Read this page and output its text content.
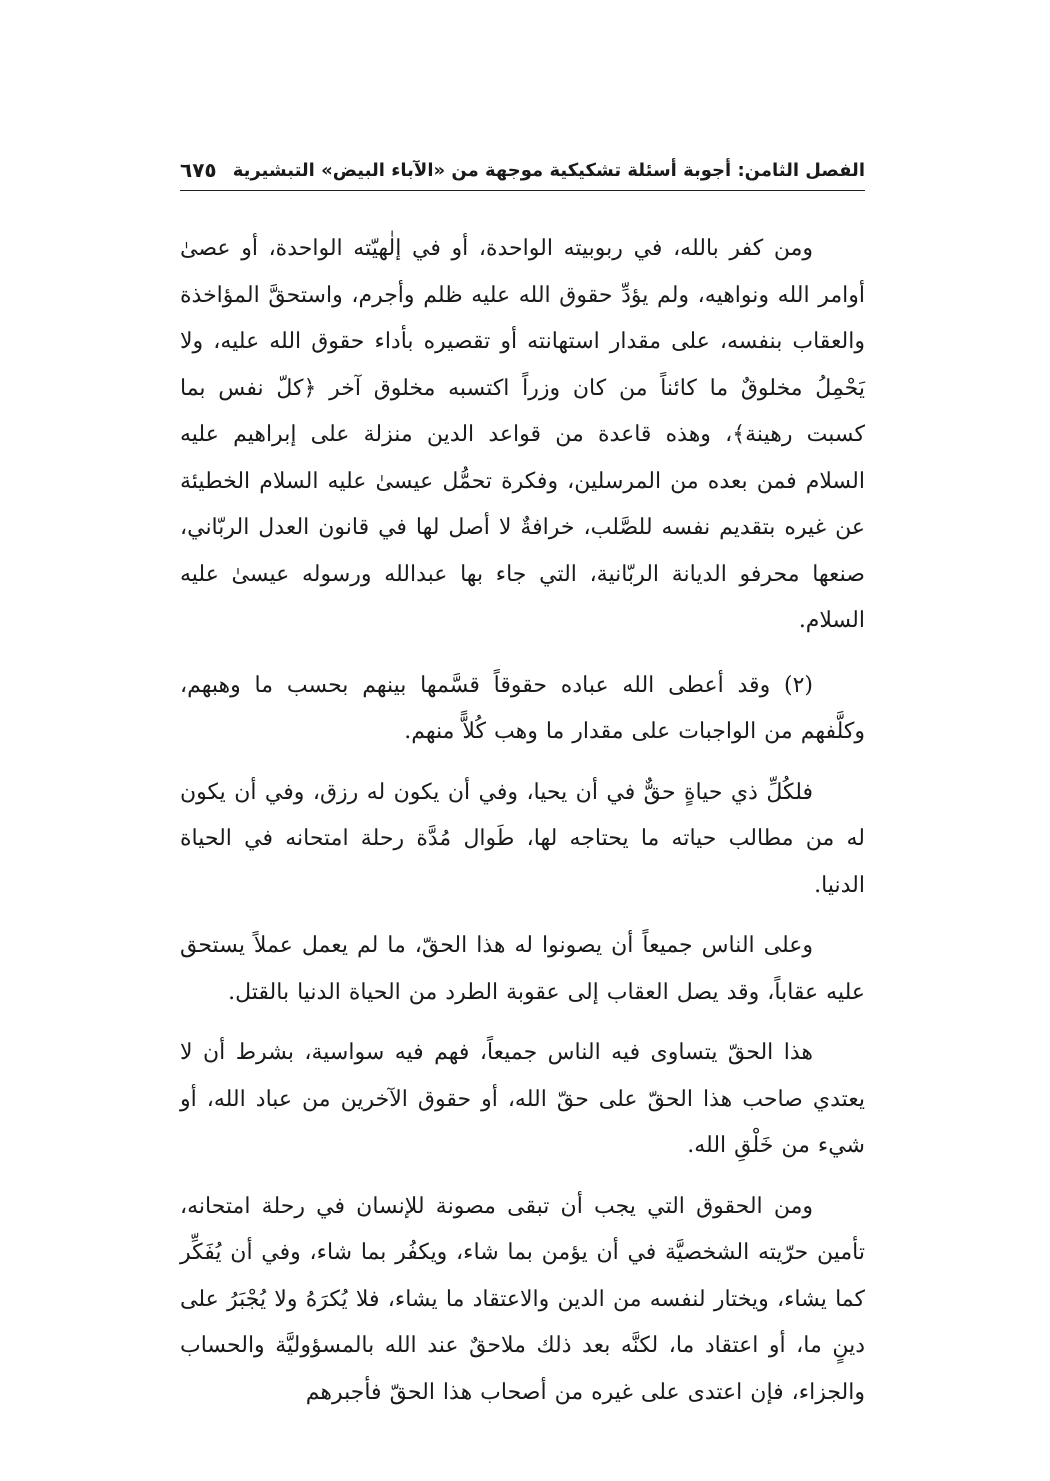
الفصل الثامن: أجوبة أسئلة تشكيكية موجهة من «الآباء البيض» التبشيرية
٦٧٥

ومن كفر بالله، في ربوبيته الواحدة، أو في إلٰهيّته الواحدة، أو عصىٰ أوامر الله ونواهيه، ولم يؤدِّ حقوق الله عليه ظلم وأجرم، واستحقَّ المؤاخذة والعقاب بنفسه، على مقدار استهانته أو تقصيره بأداء حقوق الله عليه، ولا يَحْمِلُ مخلوقٌ ما كائناً من كان وزراً اكتسبه مخلوق آخر ﴿كلّ نفس بما كسبت رهينة﴾، وهذه قاعدة من قواعد الدين منزلة على إبراهيم عليه السلام فمن بعده من المرسلين، وفكرة تحمُّل عيسىٰ عليه السلام الخطيئة عن غيره بتقديم نفسه للصَّلب، خرافةٌ لا أصل لها في قانون العدل الربّاني، صنعها محرفو الديانة الربّانية، التي جاء بها عبدالله ورسوله عيسىٰ عليه السلام.

(٢) وقد أعطى الله عباده حقوقاً قسَّمها بينهم بحسب ما وهبهم، وكلَّفهم من الواجبات على مقدار ما وهب كُلاًّ منهم.

فلكُلِّ ذي حياةٍ حقٌّ في أن يحيا، وفي أن يكون له رزق، وفي أن يكون له من مطالب حياته ما يحتاجه لها، طَوال مُدَّة رحلة امتحانه في الحياة الدنيا.

وعلى الناس جميعاً أن يصونوا له هذا الحقّ، ما لم يعمل عملاً يستحق عليه عقاباً، وقد يصل العقاب إلى عقوبة الطرد من الحياة الدنيا بالقتل.

هذا الحقّ يتساوى فيه الناس جميعاً، فهم فيه سواسية، بشرط أن لا يعتدي صاحب هذا الحقّ على حقّ الله، أو حقوق الآخرين من عباد الله، أو شيء من خَلْقِ الله.

ومن الحقوق التي يجب أن تبقى مصونة للإنسان في رحلة امتحانه، تأمين حرّيته الشخصيَّة في أن يؤمن بما شاء، ويكفُر بما شاء، وفي أن يُفَكِّر كما يشاء، ويختار لنفسه من الدين والاعتقاد ما يشاء، فلا يُكرَهُ ولا يُجْبَرُ على دينٍ ما، أو اعتقاد ما، لكنَّه بعد ذلك ملاحقٌ عند الله بالمسؤوليَّة والحساب والجزاء، فإن اعتدى على غيره من أصحاب هذا الحقّ فأجبرهم
